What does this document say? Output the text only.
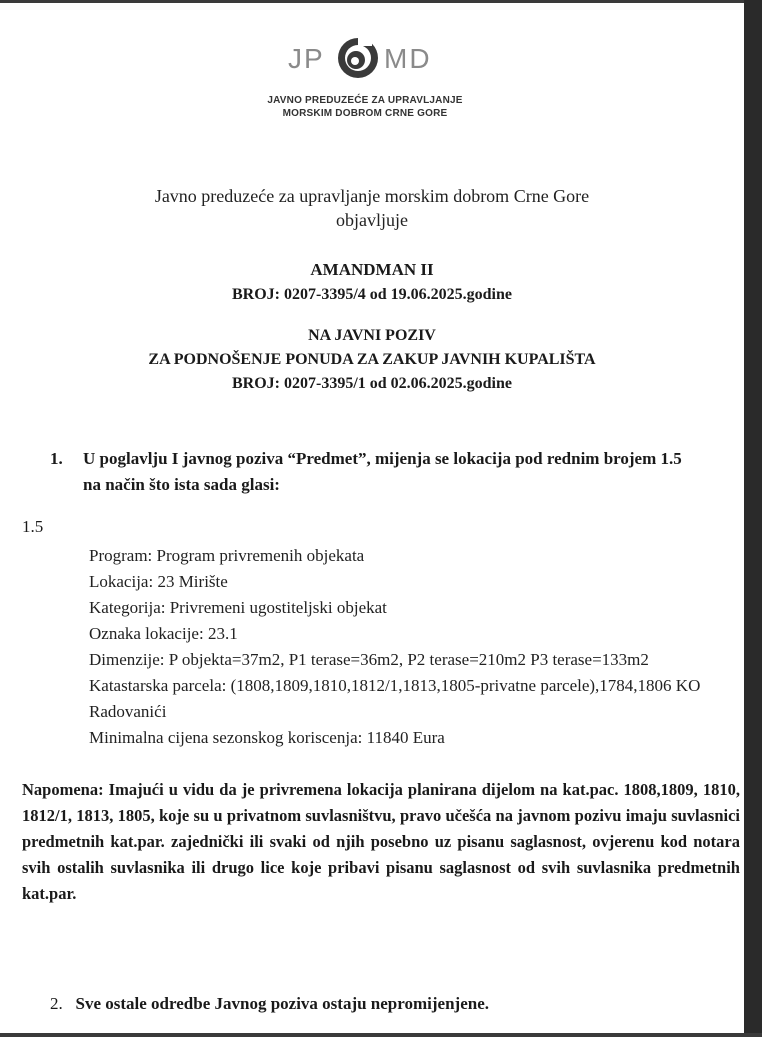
JP MD
JAVNO PREDUZEĆE ZA UPRAVLJANJE
MORSKIM DOBROM CRNE GORE
Javno preduzeće za upravljanje morskim dobrom Crne Gore
objavljuje
AMANDMAN II
BROJ: 0207-3395/4 od 19.06.2025.godine
NA JAVNI POZIV
ZA PODNOŠENJE PONUDA ZA ZAKUP JAVNIH KUPALIŠTA
BROJ: 0207-3395/1 od 02.06.2025.godine
1. U poglavlju I javnog poziva “Predmet”, mijenja se lokacija pod rednim brojem 1.5
na način što ista sada glasi:
1.5
Program: Program privremenih objekata
Lokacija: 23 Mirište
Kategorija: Privremeni ugostiteljski objekat
Oznaka lokacije: 23.1
Dimenzije: P objekta=37m2, P1 terase=36m2, P2 terase=210m2 P3 terase=133m2
Katastarska parcela: (1808,1809,1810,1812/1,1813,1805-privatne parcele),1784,1806 KO
Radovanići
Minimalna cijena sezonskog koriscenja: 11840 Eura
Napomena: Imajući u vidu da je privremena lokacija planirana dijelom na kat.pac. 1808,1809, 1810, 1812/1, 1813, 1805, koje su u privatnom suvlasništvu, pravo učešća na javnom pozivu imaju suvlasnici predmetnih kat.par. zajednički ili svaki od njih posebno uz pisanu saglasnost, ovjerenu kod notara svih ostalih suvlasnika ili drugo lice koje pribavi pisanu saglasnost od svih suvlasnika predmetnih kat.par.
2. Sve ostale odredbe Javnog poziva ostaju nepromijenjene.
